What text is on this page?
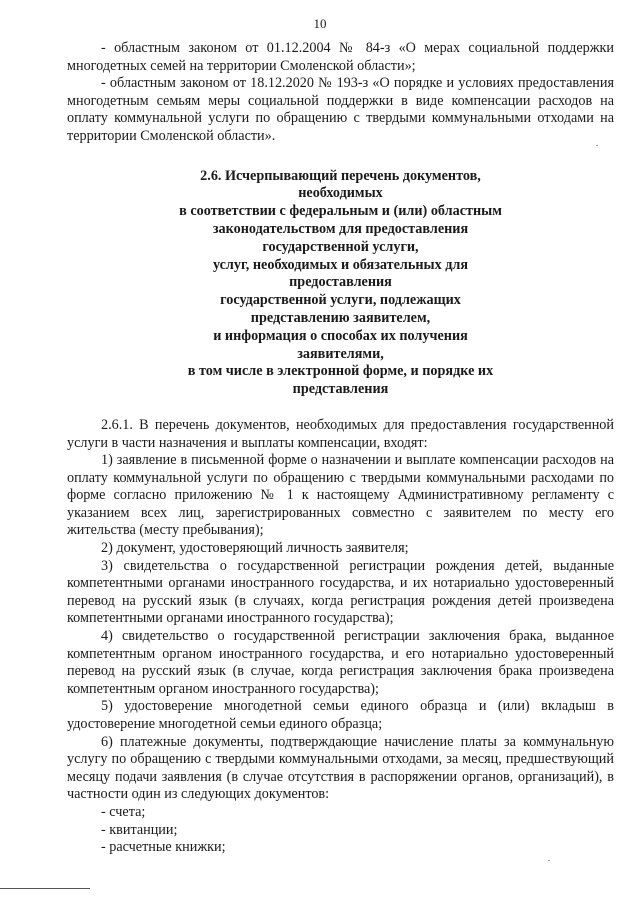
10

- областным законом от 01.12.2004 № 84-з «О мерах социальной поддержки многодетных семей на территории Смоленской области»;

- областным законом от 18.12.2020 № 193-з «О порядке и условиях предоставления многодетным семьям меры социальной поддержки в виде компенсации расходов на оплату коммунальной услуги по обращению с твердыми коммунальными отходами на территории Смоленской области».

2.6. Исчерпывающий перечень документов,
необходимых
в соответствии с федеральным и (или) областным
законодательством для предоставления
государственной услуги,
услуг, необходимых и обязательных для
предоставления
государственной услуги, подлежащих
представлению заявителем,
и информация о способах их получения
заявителями,
в том числе в электронной форме, и порядке их
представления

2.6.1. В перечень документов, необходимых для предоставления государственной услуги в части назначения и выплаты компенсации, входят:

1) заявление в письменной форме о назначении и выплате компенсации расходов на оплату коммунальной услуги по обращению с твердыми коммунальными расходами по форме согласно приложению № 1 к настоящему Административному регламенту с указанием всех лиц, зарегистрированных совместно с заявителем по месту его жительства (месту пребывания);

2) документ, удостоверяющий личность заявителя;

3) свидетельства о государственной регистрации рождения детей, выданные компетентными органами иностранного государства, и их нотариально удостоверенный перевод на русский язык (в случаях, когда регистрация рождения детей произведена компетентными органами иностранного государства);

4) свидетельство о государственной регистрации заключения брака, выданное компетентным органом иностранного государства, и его нотариально удостоверенный перевод на русский язык (в случае, когда регистрация заключения брака произведена компетентным органом иностранного государства);

5) удостоверение многодетной семьи единого образца и (или) вкладыш в удостоверение многодетной семьи единого образца;

6) платежные документы, подтверждающие начисление платы за коммунальную услугу по обращению с твердыми коммунальными отходами, за месяц, предшествующий месяцу подачи заявления (в случае отсутствия в распоряжении органов, организаций), в частности один из следующих документов:

- счета;

- квитанции;

- расчетные книжки;
